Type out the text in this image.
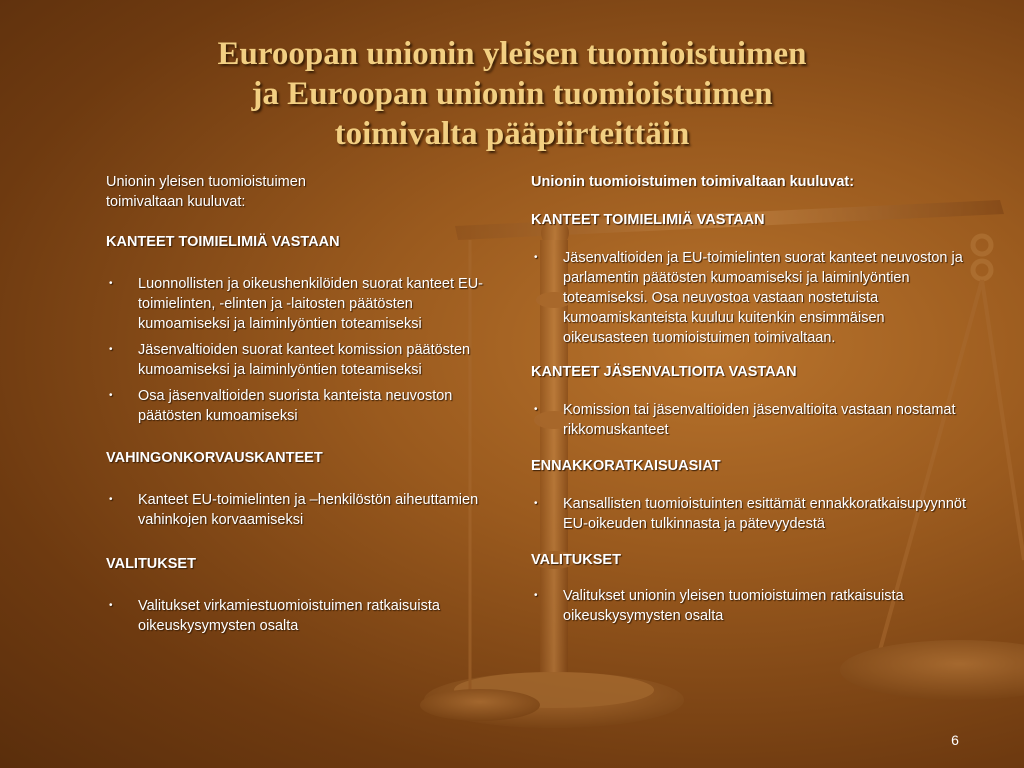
Euroopan unionin yleisen tuomioistuimen
ja Euroopan unionin tuomioistuimen
toimivalta pääpiirteittäin

Unionin yleisen tuomioistuimen

toimivaltaan kuuluvat:

KANTEET TOIMIELIMIÄ VASTAAN

• Luonnollisten ja oikeushenkilöiden suorat kanteet EU-toimielinten, -elinten ja -laitosten päätösten kumoamiseksi ja laiminlyöntien toteamiseksi
• Jäsenvaltioiden suorat kanteet komission päätösten kumoamiseksi ja laiminlyöntien toteamiseksi
• Osa jäsenvaltioiden suorista kanteista neuvoston päätösten kumoamiseksi

VAHINGONKORVAUSKANTEET

• Kanteet EU-toimielinten ja –henkilöstön aiheuttamien vahinkojen korvaamiseksi

VALITUKSET

• Valitukset virkamiestuomioistuimen ratkaisuista oikeuskysymysten osalta

Unionin tuomioistuimen toimivaltaan kuuluvat:

KANTEET TOIMIELIMIÄ VASTAAN

• Jäsenvaltioiden ja EU-toimielinten suorat kanteet neuvoston ja parlamentin päätösten kumoamiseksi ja laiminlyöntien toteamiseksi. Osa neuvostoa vastaan nostetuista kumoamiskanteista kuuluu kuitenkin ensimmäisen oikeusasteen tuomioistuimen toimivaltaan.

KANTEET JÄSENVALTIOITA VASTAAN

• Komission tai jäsenvaltioiden jäsenvaltioita vastaan nostamat rikkomuskanteet

ENNAKKORATKAISUASIAT

• Kansallisten tuomioistuinten esittämät ennakkoratkaisupyynnöt EU-oikeuden tulkinnasta ja pätevyydestä

VALITUKSET

• Valitukset unionin yleisen tuomioistuimen ratkaisuista oikeuskysymysten osalta
6
